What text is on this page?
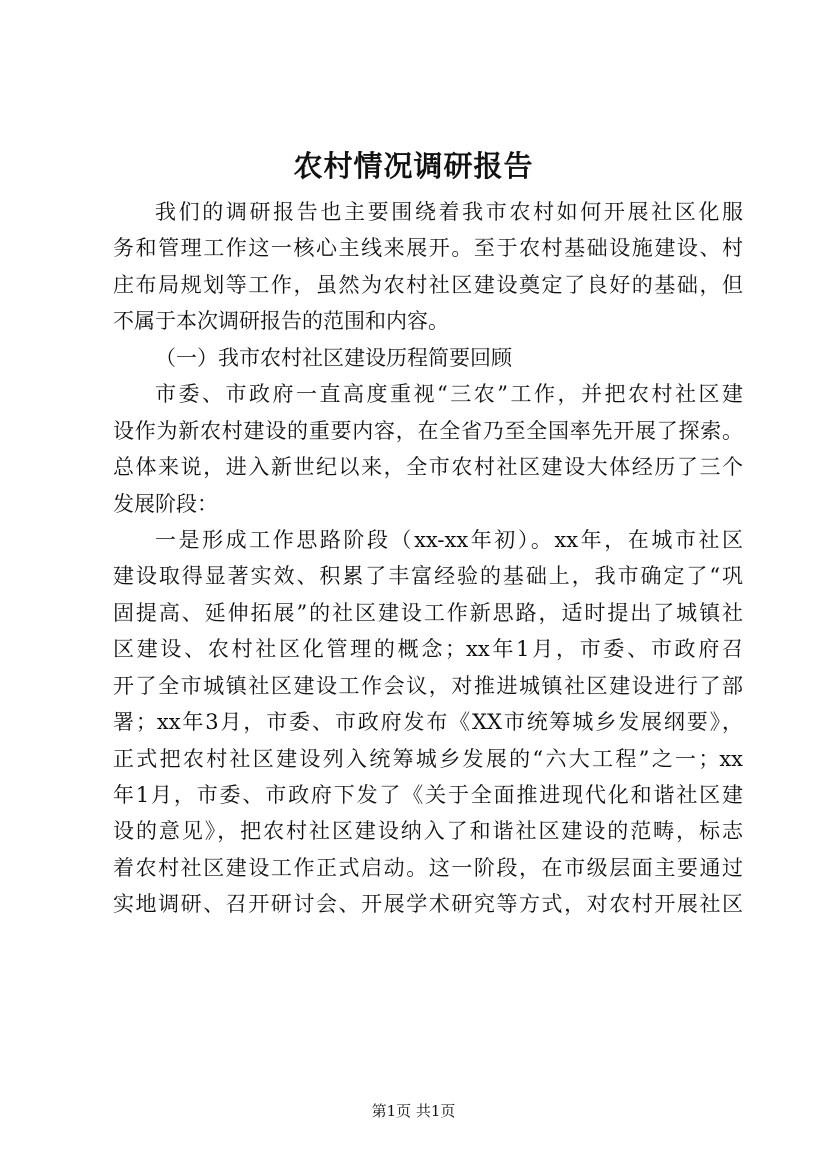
农村情况调研报告
我们的调研报告也主要围绕着我市农村如何开展社区化服
务和管理工作这一核心主线来展开。至于农村基础设施建设、村
庄布局规划等工作，虽然为农村社区建设奠定了良好的基础，但
不属于本次调研报告的范围和内容。
（一）我市农村社区建设历程简要回顾
市委、市政府一直高度重视“三农”工作，并把农村社区建
设作为新农村建设的重要内容，在全省乃至全国率先开展了探索。
总体来说，进入新世纪以来，全市农村社区建设大体经历了三个
发展阶段：
一是形成工作思路阶段（xx-xx年初）。xx年，在城市社区
建设取得显著实效、积累了丰富经验的基础上，我市确定了“巩
固提高、延伸拓展”的社区建设工作新思路，适时提出了城镇社
区建设、农村社区化管理的概念；xx年1月，市委、市政府召
开了全市城镇社区建设工作会议，对推进城镇社区建设进行了部
署；xx年3月，市委、市政府发布《XX市统筹城乡发展纲要》，
正式把农村社区建设列入统筹城乡发展的“六大工程”之一；xx
年1月，市委、市政府下发了《关于全面推进现代化和谐社区建
设的意见》，把农村社区建设纳入了和谐社区建设的范畴，标志
着农村社区建设工作正式启动。这一阶段，在市级层面主要通过
实地调研、召开研讨会、开展学术研究等方式，对农村开展社区
第1页 共1页
